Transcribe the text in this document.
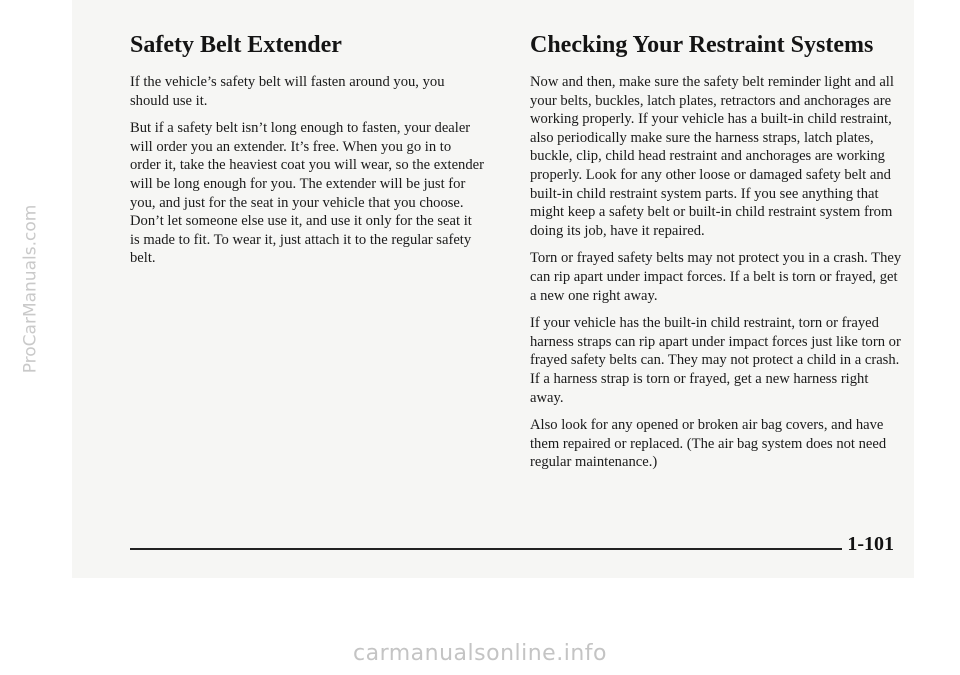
ProCarManuals.com
Safety Belt Extender

If the vehicle’s safety belt will fasten around you, you should use it.

But if a safety belt isn’t long enough to fasten, your dealer will order you an extender. It’s free. When you go in to order it, take the heaviest coat you will wear, so the extender will be long enough for you. The extender will be just for you, and just for the seat in your vehicle that you choose. Don’t let someone else use it, and use it only for the seat it is made to fit. To wear it, just attach it to the regular safety belt.

Checking Your Restraint Systems

Now and then, make sure the safety belt reminder light and all your belts, buckles, latch plates, retractors and anchorages are working properly. If your vehicle has a built-in child restraint, also periodically make sure the harness straps, latch plates, buckle, clip, child head restraint and anchorages are working properly. Look for any other loose or damaged safety belt and built-in child restraint system parts. If you see anything that might keep a safety belt or built-in child restraint system from doing its job, have it repaired.

Torn or frayed safety belts may not protect you in a crash. They can rip apart under impact forces. If a belt is torn or frayed, get a new one right away.

If your vehicle has the built-in child restraint, torn or frayed harness straps can rip apart under impact forces just like torn or frayed safety belts can. They may not protect a child in a crash. If a harness strap is torn or frayed, get a new harness right away.

Also look for any opened or broken air bag covers, and have them repaired or replaced. (The air bag system does not need regular maintenance.)

1-101
carmanualsonline.info
